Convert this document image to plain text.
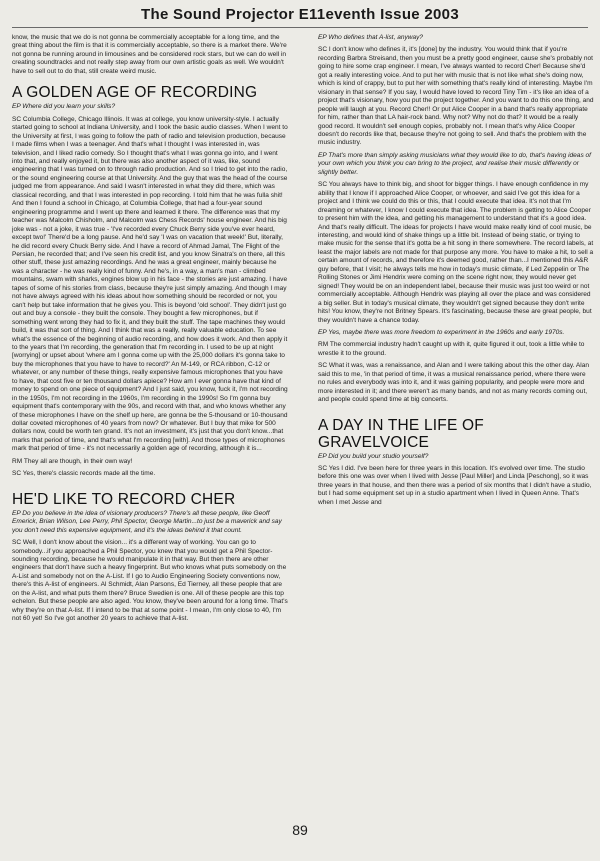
The Sound Projector E11eventh Issue 2003

know, the music that we do is not gonna be commercially acceptable for a long time, and the great thing about the film is that it is commercially acceptable, so there is a market there. We're not gonna be running around in limousines and be considered rock stars, but we can do well in creating soundtracks and not really step away from our own artistic goals as well. We wouldn't have to sell out to do that, still create weird music.

A GOLDEN AGE OF RECORDING

EP Where did you learn your skills?

SC Columbia College, Chicago Illinois. It was at college, you know university-style. I actually started going to school at Indiana University, and I took the basic audio classes. When I went to the University at first, I was going to follow the path of radio and television production, because I made films when I was a teenager. And that's what I thought I was interested in, was television, and I liked radio comedy. So I thought that's what I was gonna go into, and I went into that, and really enjoyed it, but there was also another aspect of it was, like, sound engineering that I was turned on to through radio production. And so I tried to get into the radio, or the sound engineering course at that University. And the guy that was the head of the course judged me from appearance. And said I wasn't interested in what they did there, which was classical recording, and that I was interested in pop recording. I told him that he was fulla shit! And then I found a school in Chicago, at Columbia College, that had a four-year sound engineering programme and I went up there and learned it there. The difference was that my teacher was Malcolm Chisholm, and Malcolm was Chess Records' house engineer. And his big joke was - not a joke, it was true - 'I've recorded every Chuck Berry side you've ever heard, except two!' There'd be a long pause. And he'd say 'I was on vacation that week!' But, literally, he did record every Chuck Berry side. And I have a record of Ahmad Jamal, The Flight of the Persian, he recorded that; and I've seen his credit list, and you know Sinatra's on there, all this other stuff, these just amazing recordings. And he was a great engineer, mainly because he was a character - he was really kind of funny. And he's, in a way, a man's man - climbed mountains, swam with sharks, engines blow up in his face - the stories are just amazing. I have tapes of some of his stories from class, because they're just simply amazing. And though I may not have always agreed with his ideas about how something should be recorded or not, you can't help but take information that he gives you. This is beyond 'old school'. They didn't just go out and buy a console - they built the console. They bought a few microphones, but if something went wrong they had to fix it, and they built the stuff. The tape machines they would build, it was that sort of thing. And I think that was a really, really valuable education. To see what's the essence of the beginning of audio recording, and how does it work. And then apply it to the years that I'm recording, the generation that I'm recording in. I used to be up at night [worrying] or upset about 'where am I gonna come up with the 25,000 dollars it's gonna take to buy the microphones that you have to have to record?' An M-149, or RCA ribbon, C-12 or whatever, or any number of these things, really expensive famous microphones that you have to have, that cost five or ten thousand dollars apiece? How am I ever gonna have that kind of money to spend on one piece of equipment? And I just said, you know, fuck it, I'm not recording in the 1950s, I'm not recording in the 1960s, I'm recording in the 1990s! So I'm gonna buy equipment that's contemporary with the 90s, and record with that, and who knows whether any of these microphones I have on the shelf up here, are gonna be the 5-thousand or 10-thousand dollar coveted microphones of 40 years from now? Or whatever. But I buy that mike for 500 dollars now, could be worth ten grand. It's not an investment, it's just that you don't know...that marks that period of time, and that's what I'm recording [with]. And those types of microphones mark that period of time - it's not necessarily a golden age of recording, although it is...

RM They all are though, in their own way!

SC Yes, there's classic records made all the time.

HE'D LIKE TO RECORD CHER

EP Do you believe in the idea of visionary producers? There's all these people, like Geoff Emerick, Brian Wilson, Lee Perry, Phil Spector, George Martin...to just be a maverick and say you don't need this expensive equipment, and it's the ideas behind it that count.

SC Well, I don't know about the vision... it's a different way of working. You can go to somebody...if you approached a Phil Spector, you knew that you would get a Phil Spector-sounding recording, because he would manipulate it in that way. But then there are other engineers that don't have such a heavy fingerprint. But who knows what puts somebody on the A-List and somebody not on the A-List. If I go to Audio Engineering Society conventions now, there's this A-list of engineers. Al Schmidt, Alan Parsons, Ed Tierney, all these people that are on the A-list, and what puts them there? Bruce Swedien is one. All of these people are this top echelon. But these people are also aged. You know, they've been around for a long time. That's why they're on that A-list. If I intend to be that at some point - I mean, I'm only close to 40, I'm not 60 yet! So I've got another 20 years to achieve that A-list.

EP Who defines that A-list, anyway?

SC I don't know who defines it, it's [done] by the industry. You would think that if you're recording Barbra Streisand, then you must be a pretty good engineer, cause she's probably not going to hire some crap engineer. I mean, I've always wanted to record Cher! Because she'd got a really interesting voice. And to put her with music that is not like what she's doing now, which is kind of crappy, but to put her with something that's really kind of interesting. Maybe I'm visionary in that sense? If you say, I would have loved to record Tiny Tim - it's like an idea of a project that's visionary, how you put the project together. And you want to do this one thing, and people will laugh at you. Record Cher!! Or put Alice Cooper in a band that's really appropriate for him, rather than that LA hair-rock band. Why not? Why not do that? It would be a really good record. It wouldn't sell enough copies, probably not. I mean that's why Alice Cooper doesn't do records like that, because they're not going to sell. And that's the problem with the music industry.

EP That's more than simply asking musicians what they would like to do, that's having ideas of your own which you think you can bring to the project, and realise their music differently or slightly better.

SC You always have to think big, and shoot for bigger things. I have enough confidence in my ability that I know if I approached Alice Cooper, or whoever, and said I've got this idea for a project and I think we could do this or this, that I could execute that idea. It's not that I'm dreaming or whatever, I know I could execute that idea. The problem is getting to Alice Cooper to present him with the idea, and getting his management to understand that it's a good idea. And that's really difficult. The ideas for projects I have would make really kind of cool music, be interesting, and would kind of shake things up a little bit. Instead of being static, or trying to make music for the sense that it's gotta be a hit song in there somewhere. The record labels, at least the major labels are not made for that purpose any more. You have to make a hit, to sell a certain amount of records, and therefore it's deemed good, rather than...I mentioned this A&R guy before, that I visit; he always tells me how in today's music climate, if Led Zeppelin or The Rolling Stones or Jimi Hendrix were coming on the scene right now, they would never get signed! They would be on an independent label, because their music was just too weird or not commercially acceptable. Although Hendrix was playing all over the place and was considered a big seller. But in today's musical climate, they wouldn't get signed because they don't write hits! You know, they're not Britney Spears. It's fascinating, because these are great people, but they wouldn't have a chance today.

EP Yes, maybe there was more freedom to experiment in the 1960s and early 1970s.

RM The commercial industry hadn't caught up with it, quite figured it out, took a little while to wrestle it to the ground.

SC What it was, was a renaissance, and Alan and I were talking about this the other day. Alan said this to me, 'in that period of time, it was a musical renaissance period, where there were no rules and everybody was into it, and it was gaining popularity, and people were more and more interested in it; and there weren't as many bands, and not as many records coming out, and people could spend time at big concerts.

A DAY IN THE LIFE OF GRAVELVOICE

EP Did you build your studio yourself?

SC Yes I did. I've been here for three years in this location. It's evolved over time. The studio before this one was over when I lived with Jesse [Paul Miller] and Linda [Peschong], so it was three years in that house, and then there was a period of six months that I didn't have a studio, but I had some equipment set up in a studio apartment when I lived in Queen Anne. That's when I met Jesse and

89
